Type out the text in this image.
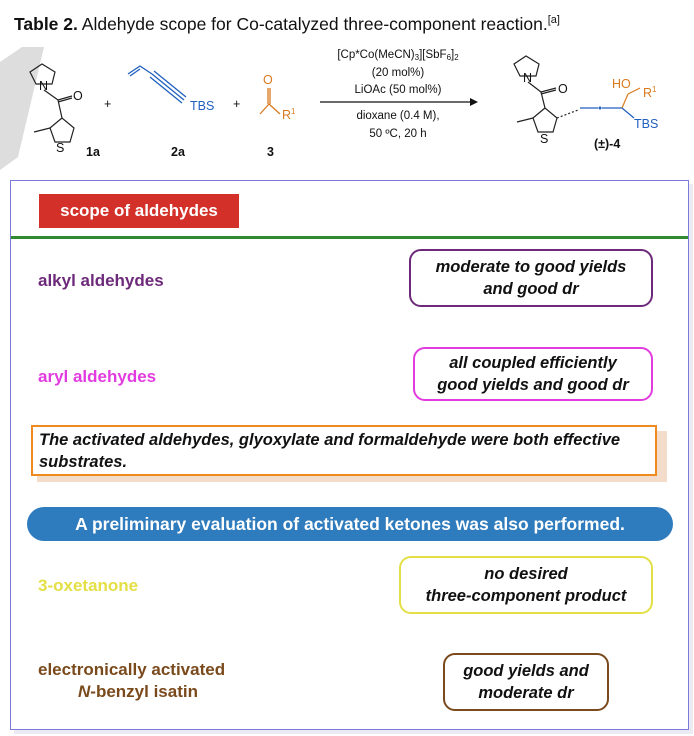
Table 2. Aldehyde scope for Co-catalyzed three-component reaction.[a]
N
O
S 1a
+	TBS
2a
+
O
$R^1$
3
$[Cp*Co(MeCN)_3][SbF_6]_2$
(20 mol%)
LiOAc (50 mol%)
dioxane (0.4 M),
50 ºC, 20 h
N
O
S
HO
$R^1$
TBS
(±)-4
scope of aldehydes
alkyl aldehydes
moderate to good yields
and good dr
aryl aldehydes
all coupled efficiently
good yields and good dr
The activated aldehydes, glyoxylate and formaldehyde were both effective substrates.
A preliminary evaluation of activated ketones was also performed.
3-oxetanone
no desired
three-component product
electronically activated
N-benzyl isatin
good yields and
moderate dr
